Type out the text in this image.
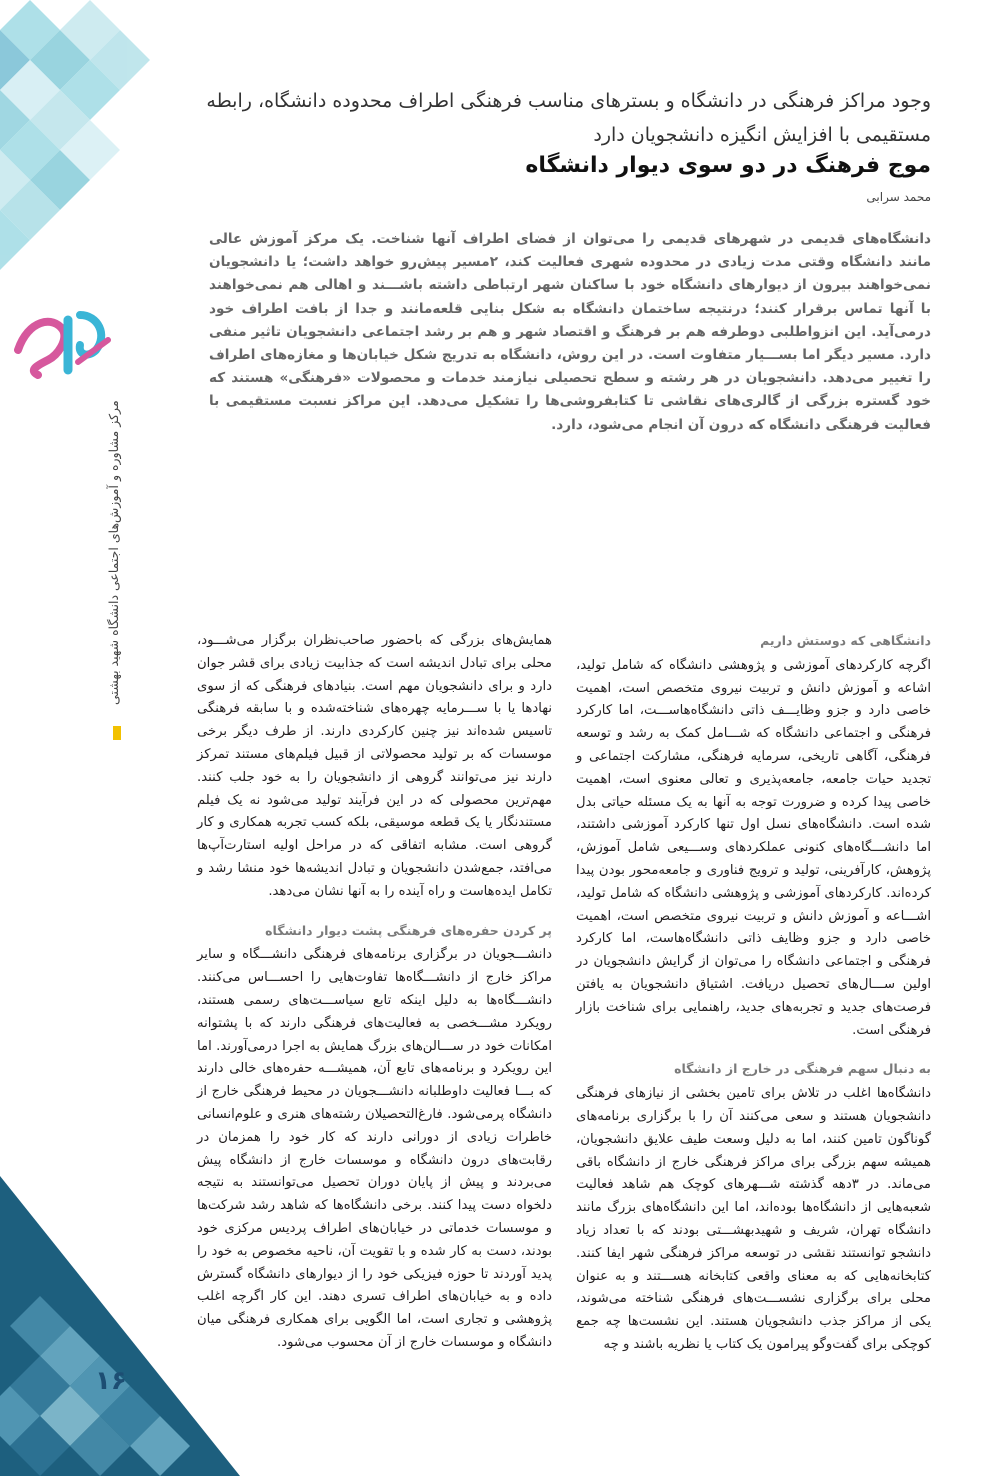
مرکز مشاوره و آموزش‌های اجتماعی دانشگاه شهید بهشتی
وجود مراکز فرهنگی در دانشگاه و بسترهای مناسب فرهنگی اطراف محدوده دانشگاه، رابطه مستقیمی با افزایش انگیزه دانشجویان دارد
موج فرهنگ در دو سوی دیوار دانشگاه
محمد سرابی
دانشگاه‌های قدیمی در شهرهای قدیمی را می‌توان از فضای اطراف آنها شناخت. یک مرکز آموزش عالی مانند دانشگاه وقتی مدت زیادی در محدوده شهری فعالیت کند، ۲مسیر پیش‌رو خواهد داشت؛ یا دانشجویان نمی‌خواهند بیرون از دیوارهای دانشگاه خود با ساکنان شهر ارتباطی داشته باشـــند و اهالی هم نمی‌خواهند با آنها تماس برقرار کنند؛ درنتیجه ساختمان دانشگاه به شکل بنایی قلعه‌مانند و جدا از بافت اطراف خود درمی‌آید. این انزواطلبی دوطرفه هم بر فرهنگ و اقتصاد شهر و هم بر رشد اجتماعی دانشجویان تاثیر منفی دارد. مسیر دیگر اما بســـیار متفاوت است. در این روش، دانشگاه به تدریج شکل خیابان‌ها و مغازه‌های اطراف را تغییر می‌دهد. دانشجویان در هر رشته و سطح تحصیلی نیازمند خدمات و محصولات «فرهنگی» هستند که خود گستره بزرگی از گالری‌های نقاشی تا کتابفروشی‌ها را تشکیل می‌دهد. این مراکز نسبت مستقیمی با فعالیت فرهنگی دانشگاه که درون آن انجام می‌شود، دارد.
دانشگاهی که دوستش داریم

اگرچه کارکردهای آموزشی و پژوهشی دانشگاه که شامل تولید، اشاعه و آموزش دانش و تربیت نیروی متخصص است، اهمیت خاصی دارد و جزو وظایـــف ذاتی دانشگاه‌هاســـت، اما کارکرد فرهنگی و اجتماعی دانشگاه که شـــامل کمک به رشد و توسعه فرهنگی، آگاهی تاریخی، سرمایه فرهنگی، مشارکت اجتماعی و تجدید حیات جامعه، جامعه‌پذیری و تعالی معنوی است، اهمیت خاصی پیدا کرده و ضرورت توجه به آنها به یک مسئله حیاتی بدل شده است. دانشگاه‌های نسل اول تنها کارکرد آموزشی داشتند، اما دانشـــگاه‌های کنونی عملکردهای وســـیعی شامل آموزش، پژوهش، کارآفرینی، تولید و ترویج فناوری و جامعه‌محور بودن پیدا کرده‌اند. کارکردهای آموزشی و پژوهشی دانشگاه که شامل تولید، اشـــاعه و آموزش دانش و تربیت نیروی متخصص است، اهمیت خاصی دارد و جزو وظایف ذاتی دانشگاه‌هاست، اما کارکرد فرهنگی و اجتماعی دانشگاه را می‌توان از گرایش دانشجویان در اولین ســـال‌های تحصیل دریافت. اشتیاق دانشجویان به یافتن فرصت‌های جدید و تجربه‌های جدید، راهنمایی برای شناخت بازار فرهنگی است.

به دنبال سهم فرهنگی در خارج از دانشگاه

دانشگاه‌ها اغلب در تلاش برای تامین بخشی از نیازهای فرهنگی دانشجویان هستند و سعی می‌کنند آن را با برگزاری برنامه‌های گوناگون تامین کنند، اما به دلیل وسعت طیف علایق دانشجویان، همیشه سهم بزرگی برای مراکز فرهنگی خارج از دانشگاه باقی می‌ماند. در ۳دهه گذشته شـــهرهای کوچک هم شاهد فعالیت شعبه‌هایی از دانشگاه‌ها بوده‌اند، اما این دانشگاه‌های بزرگ مانند دانشگاه تهران، شریف و شهیدبهشـــتی بودند که با تعداد زیاد دانشجو توانستند نقشی در توسعه مراکز فرهنگی شهر ایفا کنند. کتابخانه‌هایی که به معنای واقعی کتابخانه هســـتند و به عنوان محلی برای برگزاری نشســـت‌های فرهنگی شناخته می‌شوند، یکی از مراکز جذب دانشجویان هستند. این نشست‌ها چه جمع کوچکی برای گفت‌وگو پیرامون یک کتاب یا نظریه باشند و چه

همایش‌های بزرگی که باحضور صاحب‌نظران برگزار می‌شـــود، محلی برای تبادل اندیشه است که جذابیت زیادی برای قشر جوان دارد و برای دانشجویان مهم است. بنیادهای فرهنگی که از سوی نهادها یا با ســـرمایه چهره‌های شناخته‌شده و با سابقه فرهنگی تاسیس شده‌اند نیز چنین کارکردی دارند. از طرف دیگر برخی موسسات که بر تولید محصولاتی از قبیل فیلم‌های مستند تمرکز دارند نیز می‌توانند گروهی از دانشجویان را به خود جلب کنند. مهم‌ترین محصولی که در این فرآیند تولید می‌شود نه یک فیلم مستندنگار یا یک قطعه موسیقی، بلکه کسب تجربه همکاری و کار گروهی است. مشابه اتفاقی که در مراحل اولیه استارت‌آپ‌ها می‌افتد، جمع‌شدن دانشجویان و تبادل اندیشه‌ها خود منشا رشد و تکامل ایده‌هاست و راه آینده را به آنها نشان می‌دهد.

پر کردن حفره‌های فرهنگی پشت دیوار دانشگاه

دانشـــجویان در برگزاری برنامه‌های فرهنگی دانشـــگاه و سایر مراکز خارج از دانشـــگاه‌ها تفاوت‌هایی را احســـاس می‌کنند. دانشـــگاه‌ها به دلیل اینکه تابع سیاســـت‌های رسمی هستند، رویکرد مشـــخصی به فعالیت‌های فرهنگی دارند که با پشتوانه امکانات خود در ســـالن‌های بزرگ همایش به اجرا درمی‌آورند. اما این رویکرد و برنامه‌های تابع آن، همیشـــه حفره‌های خالی دارند که بـــا فعالیت داوطلبانه دانشـــجویان در محیط فرهنگی خارج از دانشگاه پرمی‌شود. فارغ‌التحصیلان رشته‌های هنری و علوم‌انسانی خاطرات زیادی از دورانی دارند که کار خود را همزمان در رقابت‌های درون دانشگاه و موسسات خارج از دانشگاه پیش می‌بردند و پیش از پایان دوران تحصیل می‌توانستند به نتیجه دلخواه دست پیدا کنند. برخی دانشگاه‌ها که شاهد رشد شرکت‌ها و موسسات خدماتی در خیابان‌های اطراف پردیس مرکزی خود بودند، دست به کار شده و با تقویت آن، ناحیه مخصوص به خود را پدید آوردند تا حوزه فیزیکی خود را از دیوارهای دانشگاه گسترش داده و به خیابان‌های اطراف تسری دهند. این کار اگرچه اغلب پژوهشی و تجاری است، اما الگویی برای همکاری فرهنگی میان دانشگاه و موسسات خارج از آن محسوب می‌شود.

۱۶
